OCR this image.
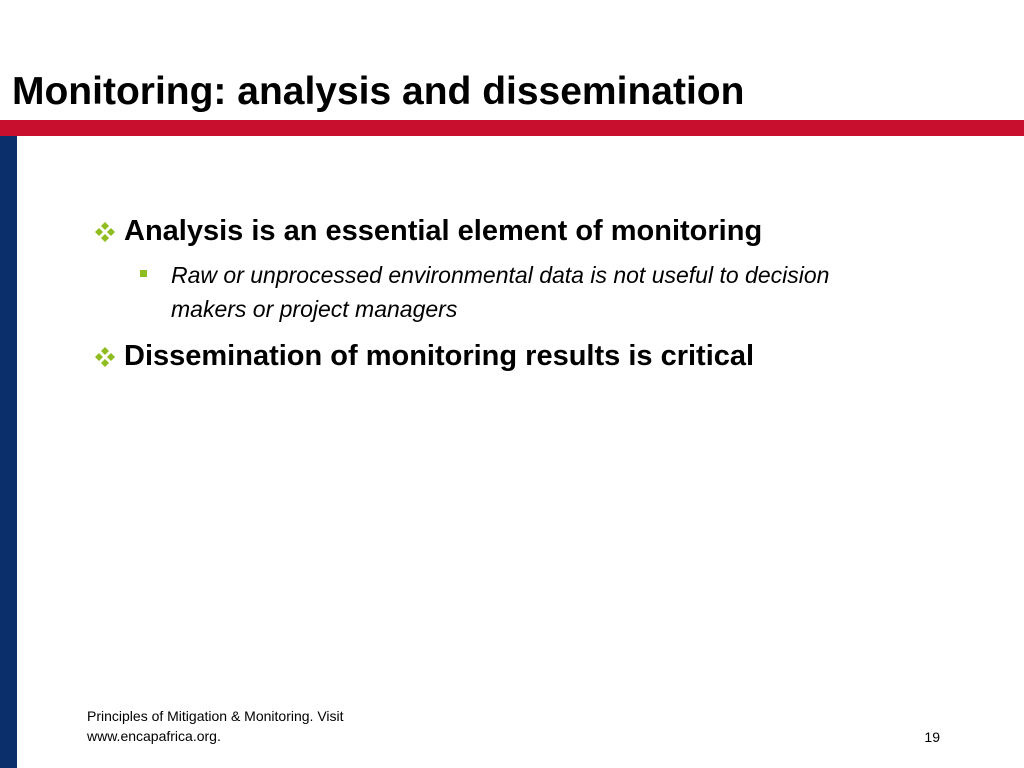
Monitoring: analysis and dissemination
Analysis is an essential element of monitoring
Raw or unprocessed environmental data is not useful to decision makers or project managers
Dissemination of monitoring results is critical
Principles of Mitigation & Monitoring. Visit www.encapafrica.org.	19
